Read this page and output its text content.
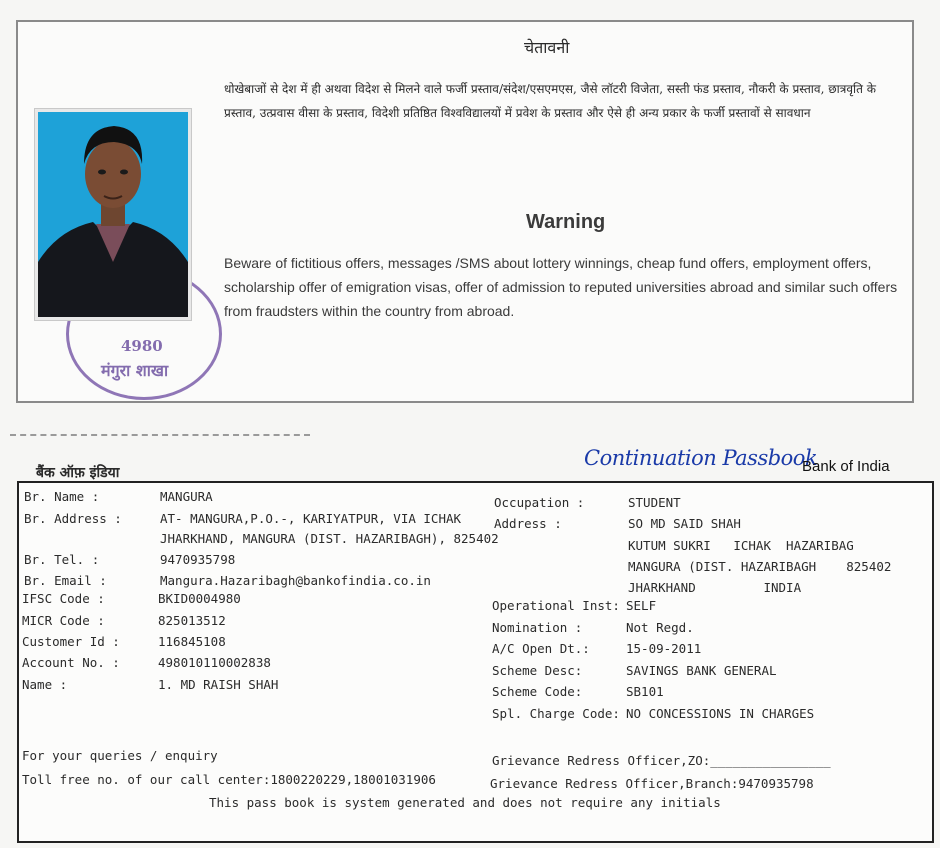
4980
मंगुरा शाखा
चेतावनी
धोखेबाजों से देश में ही अथवा विदेश से मिलने वाले फर्जी प्रस्ताव/संदेश/एसएमएस, जैसे लॉटरी विजेता, सस्ती फंड प्रस्ताव, नौकरी के प्रस्ताव, छात्रवृति के प्रस्ताव, उत्प्रवास वीसा के प्रस्ताव, विदेशी प्रतिष्ठित विश्वविद्यालयों में प्रवेश के प्रस्ताव और ऐसे ही अन्य प्रकार के फर्जी प्रस्तावों से सावधान
Warning
Beware of fictitious offers, messages /SMS about lottery winnings, cheap fund offers, employment offers, scholarship offer of emigration visas, offer of admission to reputed universities abroad and similar such offers from fraudsters within the country from abroad.
बैंक ऑफ़ इंडिया
Continuation Passbook
Bank of India
Br. Name :	MANGURA
Br. Address :	AT- MANGURA,P.O.-, KARIYATPUR, VIA ICHAK
JHARKHAND, MANGURA (DIST. HAZARIBAGH), 825402
Br. Tel. :	9470935798
Br. Email :	Mangura.Hazaribagh@bankofindia.co.in
IFSC Code :	BKID0004980
MICR Code :	825013512
Customer Id :	116845108
Account No. :	498010110002838
Name :	1. MD RAISH SHAH
Occupation :	STUDENT
Address :	SO MD SAID SHAH
KUTUM SUKRI   ICHAK  HAZARIBAG
MANGURA (DIST. HAZARIBAGH    825402
JHARKHAND         INDIA
Operational Inst: SELF
Nomination :	Not Regd.
A/C Open Dt.:	15-09-2011
Scheme Desc:	SAVINGS BANK GENERAL
Scheme Code:	SB101
Spl. Charge Code: NO CONCESSIONS IN CHARGES
For your queries / enquiry
Toll free no. of our call center:1800220229,18001031906
Grievance Redress Officer,ZO:________________
Grievance Redress Officer,Branch:9470935798
This pass book is system generated and does not require any initials
